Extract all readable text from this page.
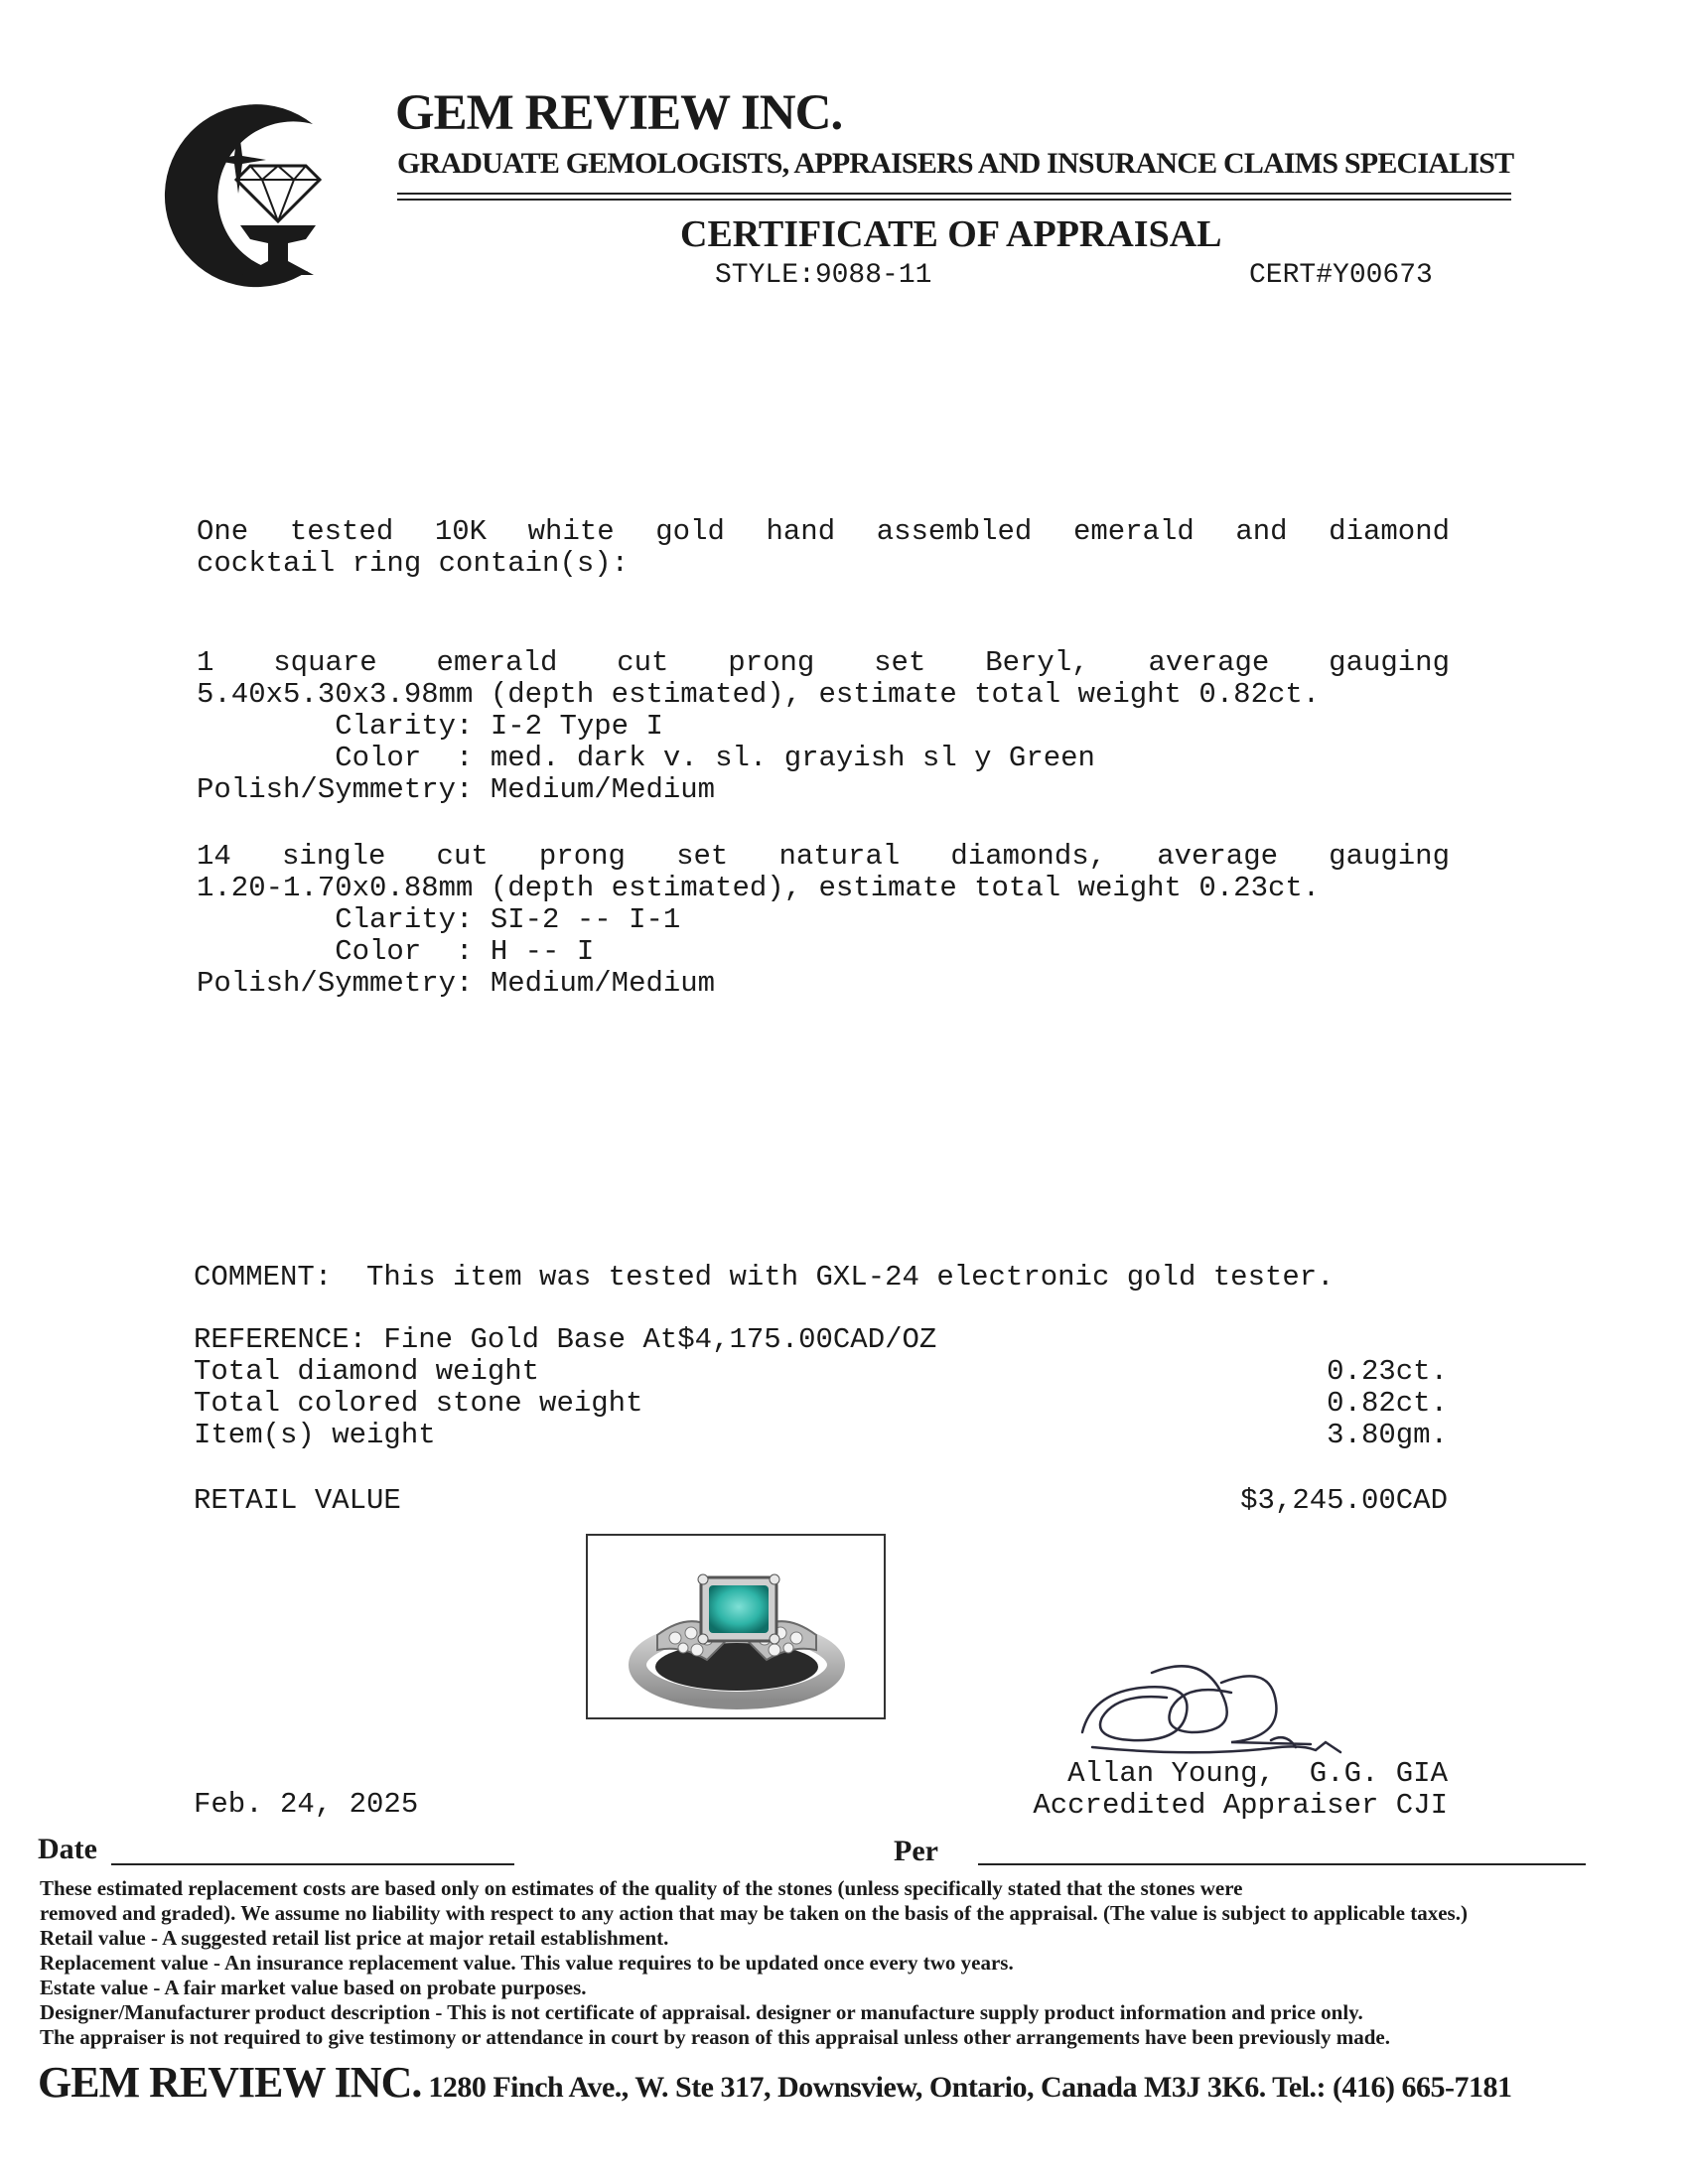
GEM REVIEW INC.
GRADUATE GEMOLOGISTS, APPRAISERS AND INSURANCE CLAIMS SPECIALIST
CERTIFICATE OF APPRAISAL
STYLE:9088-11	CERT#Y00673
One tested 10K white gold hand assembled emerald and diamond
cocktail ring contain(s):
1 square emerald cut prong set Beryl, average gauging
5.40x5.30x3.98mm (depth estimated), estimate total weight 0.82ct.
Clarity: I-2 Type I
Color  : med. dark v. sl. grayish sl y Green
Polish/Symmetry: Medium/Medium
14 single cut prong set natural diamonds, average gauging
1.20-1.70x0.88mm (depth estimated), estimate total weight 0.23ct.
Clarity: SI-2 -- I-1
Color  : H -- I
Polish/Symmetry: Medium/Medium
COMMENT:  This item was tested with GXL-24 electronic gold tester.
REFERENCE: Fine Gold Base At$4,175.00CAD/OZ
Total diamond weight	0.23ct.
Total colored stone weight	0.82ct.
Item(s) weight	3.80gm.
RETAIL VALUE	$3,245.00CAD
Feb. 24, 2025
Allan Young,  G.G. GIA
Accredited Appraiser CJI
Date	Per
These estimated replacement costs are based only on estimates of the quality of the stones (unless specifically stated that the stones were
removed and graded). We assume no liability with respect to any action that may be taken on the basis of the appraisal. (The value is subject to applicable taxes.)
Retail value - A suggested retail list price at major retail establishment.
Replacement value - An insurance replacement value. This value requires to be updated once every two years.
Estate value - A fair market value based on probate purposes.
Designer/Manufacturer product description - This is not certificate of appraisal. designer or manufacture supply product information and price only.
The appraiser is not required to give testimony or attendance in court by reason of this appraisal unless other arrangements have been previously made.
GEM REVIEW INC. 1280 Finch Ave., W. Ste 317, Downsview, Ontario, Canada M3J 3K6. Tel.: (416) 665-7181
